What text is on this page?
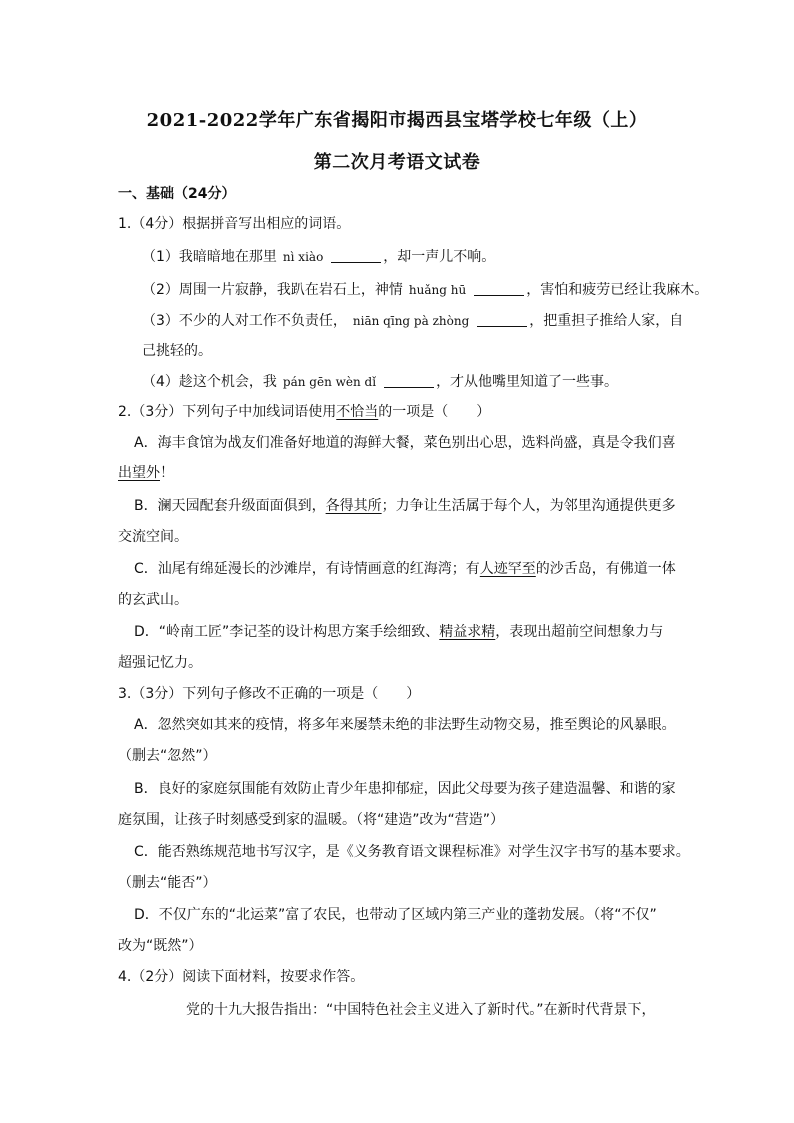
2021-2022学年广东省揭阳市揭西县宝塔学校七年级（上）
第二次月考语文试卷
一、基础（24分）
1.（4分）根据拼音写出相应的词语。
（1）我暗暗地在那里 nì xiào	，却一声儿不响。
（2）周围一片寂静，我趴在岩石上，神情 huǎng hū	，害怕和疲劳已经让我麻木。
（3）不少的人对工作不负责任， niān qīng pà zhòng	，把重担子推给人家，自
己挑轻的。
（4）趁这个机会，我 pán gēn wèn dǐ	，才从他嘴里知道了一些事。
2.（3分）下列句子中加线词语使用不恰当的一项是（　　）
A．海丰食馆为战友们准备好地道的海鲜大餐，菜色别出心思，选料尚盛，真是令我们喜
出望外！
B．澜天园配套升级面面俱到，各得其所；力争让生活属于每个人，为邻里沟通提供更多
交流空间。
C．汕尾有绵延漫长的沙滩岸，有诗情画意的红海湾；有人迹罕至的沙舌岛，有佛道一体
的玄武山。
D．“岭南工匠”李记荃的设计构思方案手绘细致、精益求精，表现出超前空间想象力与
超强记忆力。
3.（3分）下列句子修改不正确的一项是（　　）
A．忽然突如其来的疫情，将多年来屡禁未绝的非法野生动物交易，推至舆论的风暴眼。
（删去“忽然”）
B．良好的家庭氛围能有效防止青少年患抑郁症，因此父母要为孩子建造温馨、和谐的家
庭氛围，让孩子时刻感受到家的温暖。（将“建造”改为“营造”）
C．能否熟练规范地书写汉字，是《义务教育语文课程标准》对学生汉字书写的基本要求。
（删去“能否”）
D．不仅广东的“北运菜”富了农民，也带动了区域内第三产业的蓬勃发展。（将“不仅”
改为“既然”）
4.（2分）阅读下面材料，按要求作答。
党的十九大报告指出：“中国特色社会主义进入了新时代。”在新时代背景下，
